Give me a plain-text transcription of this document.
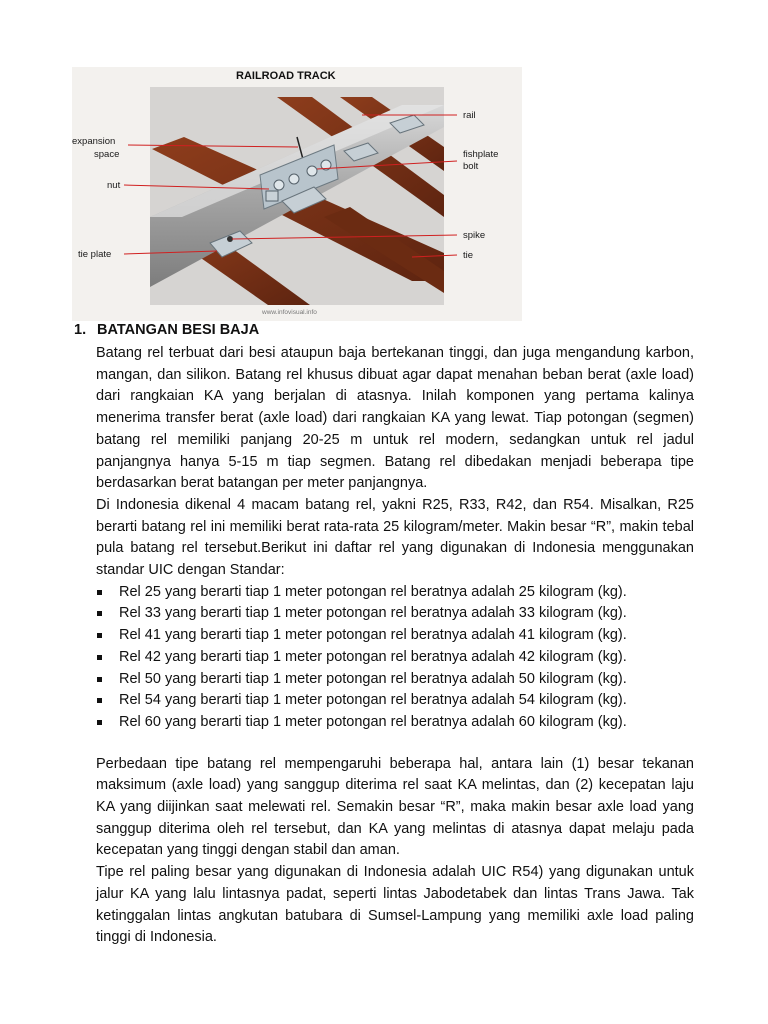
RAILROAD TRACK
expansion
space
nut
tie plate
rail
fishplate
bolt
spike
tie
www.infovisual.info
1. BATANGAN BESI BAJA

Batang rel terbuat dari besi ataupun baja bertekanan tinggi, dan juga mengandung karbon, mangan, dan silikon. Batang rel khusus dibuat agar dapat menahan beban berat (axle load) dari rangkaian KA yang berjalan di atasnya. Inilah komponen yang pertama kalinya menerima transfer berat (axle load) dari rangkaian KA yang lewat. Tiap potongan (segmen) batang rel memiliki panjang 20-25 m untuk rel modern, sedangkan untuk rel jadul panjangnya hanya 5-15 m tiap segmen. Batang rel dibedakan menjadi beberapa tipe berdasarkan berat batangan per meter panjangnya.

Di Indonesia dikenal 4 macam batang rel, yakni R25, R33, R42, dan R54. Misalkan, R25 berarti batang rel ini memiliki berat rata-rata 25 kilogram/meter. Makin besar “R”, makin tebal pula batang rel tersebut.Berikut ini daftar rel yang digunakan di Indonesia menggunakan standar UIC dengan Standar:

Rel 25 yang berarti tiap 1 meter potongan rel beratnya adalah 25 kilogram (kg).
Rel 33 yang berarti tiap 1 meter potongan rel beratnya adalah 33 kilogram (kg).
Rel 41 yang berarti tiap 1 meter potongan rel beratnya adalah 41 kilogram (kg).
Rel 42 yang berarti tiap 1 meter potongan rel beratnya adalah 42 kilogram (kg).
Rel 50 yang berarti tiap 1 meter potongan rel beratnya adalah 50 kilogram (kg).
Rel 54 yang berarti tiap 1 meter potongan rel beratnya adalah 54 kilogram (kg).
Rel 60 yang berarti tiap 1 meter potongan rel beratnya adalah 60 kilogram (kg).

Perbedaan tipe batang rel mempengaruhi beberapa hal, antara lain (1) besar tekanan maksimum (axle load) yang sanggup diterima rel saat KA melintas, dan (2) kecepatan laju KA yang diijinkan saat melewati rel. Semakin besar “R”, maka makin besar axle load yang sanggup diterima oleh rel tersebut, dan KA yang melintas di atasnya dapat melaju pada kecepatan yang tinggi dengan stabil dan aman.

Tipe rel paling besar yang digunakan di Indonesia adalah UIC R54) yang digunakan untuk jalur KA yang lalu lintasnya padat, seperti lintas Jabodetabek dan lintas Trans Jawa. Tak ketinggalan lintas angkutan batubara di Sumsel-Lampung yang memiliki axle load paling tinggi di Indonesia.
